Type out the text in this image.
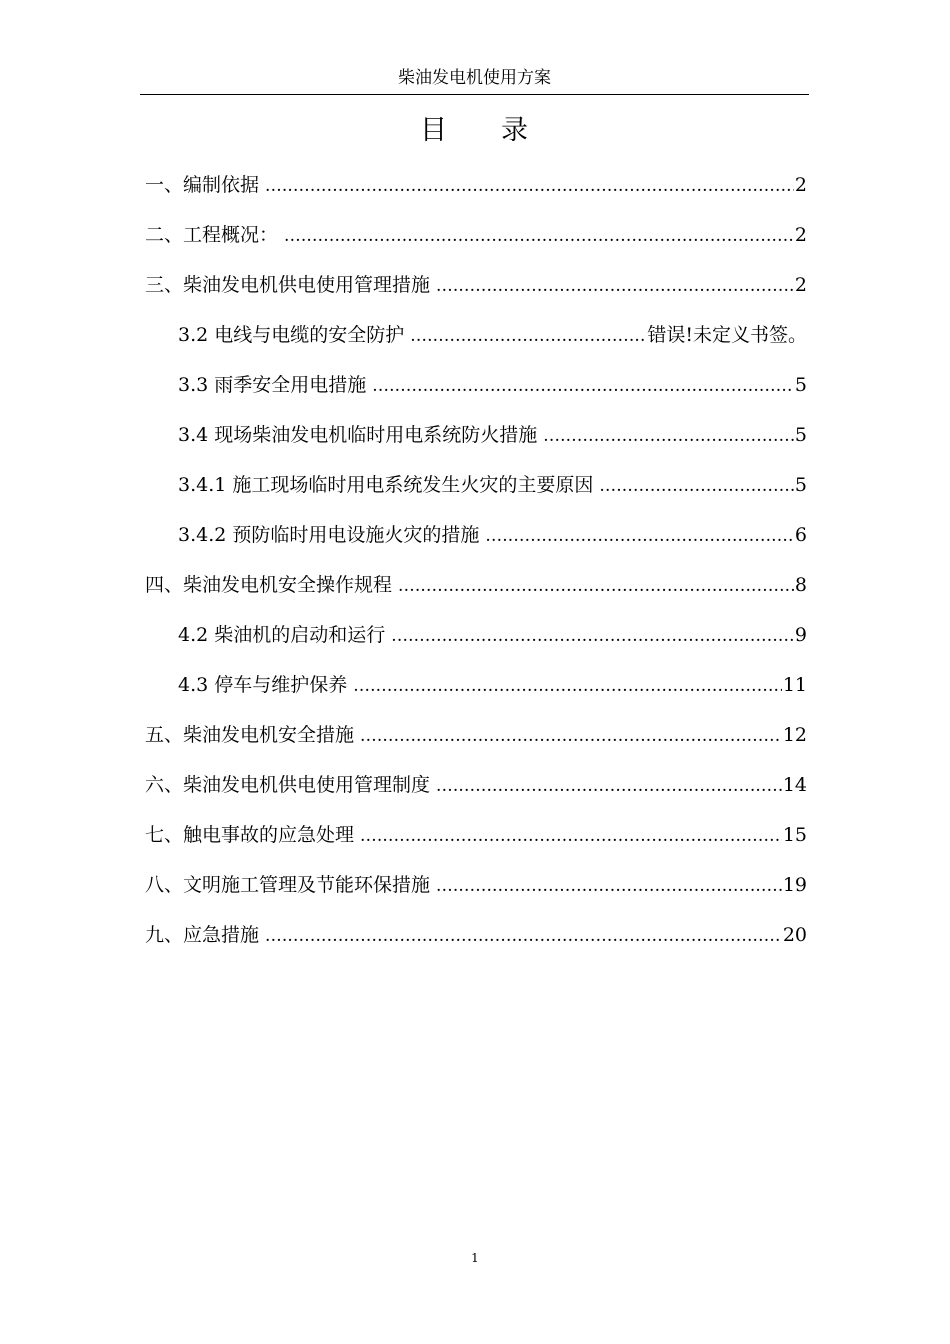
柴油发电机使用方案
目 录
一、编制依据 .....	2
二、工程概况： .....	2
三、柴油发电机供电使用管理措施 .....	2
3.2 电线与电缆的安全防护 .....	错误!未定义书签。
3.3 雨季安全用电措施 .....	5
3.4 现场柴油发电机临时用电系统防火措施 .....	5
3.4.1 施工现场临时用电系统发生火灾的主要原因 .....	5
3.4.2 预防临时用电设施火灾的措施 .....	6
四、柴油发电机安全操作规程 .....	8
4.2 柴油机的启动和运行 .....	9
4.3 停车与维护保养 .....	11
五、柴油发电机安全措施 .....	12
六、柴油发电机供电使用管理制度 .....	14
七、触电事故的应急处理 .....	15
八、文明施工管理及节能环保措施 .....	19
九、应急措施 .....	20
1
